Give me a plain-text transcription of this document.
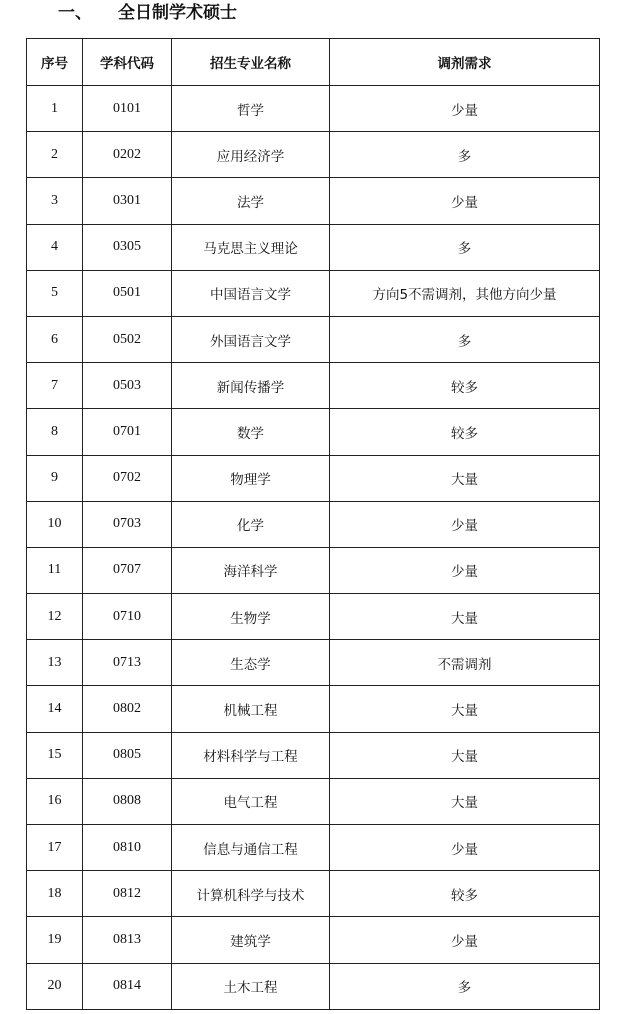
一、 全日制学术硕士
序号	学科代码	招生专业名称	调剂需求
1	0101	哲学	少量
2	0202	应用经济学	多
3	0301	法学	少量
4	0305	马克思主义理论	多
5	0501	中国语言文学	方向5不需调剂，其他方向少量
6	0502	外国语言文学	多
7	0503	新闻传播学	较多
8	0701	数学	较多
9	0702	物理学	大量
10	0703	化学	少量
11	0707	海洋科学	少量
12	0710	生物学	大量
13	0713	生态学	不需调剂
14	0802	机械工程	大量
15	0805	材料科学与工程	大量
16	0808	电气工程	大量
17	0810	信息与通信工程	少量
18	0812	计算机科学与技术	较多
19	0813	建筑学	少量
20	0814	土木工程	多
